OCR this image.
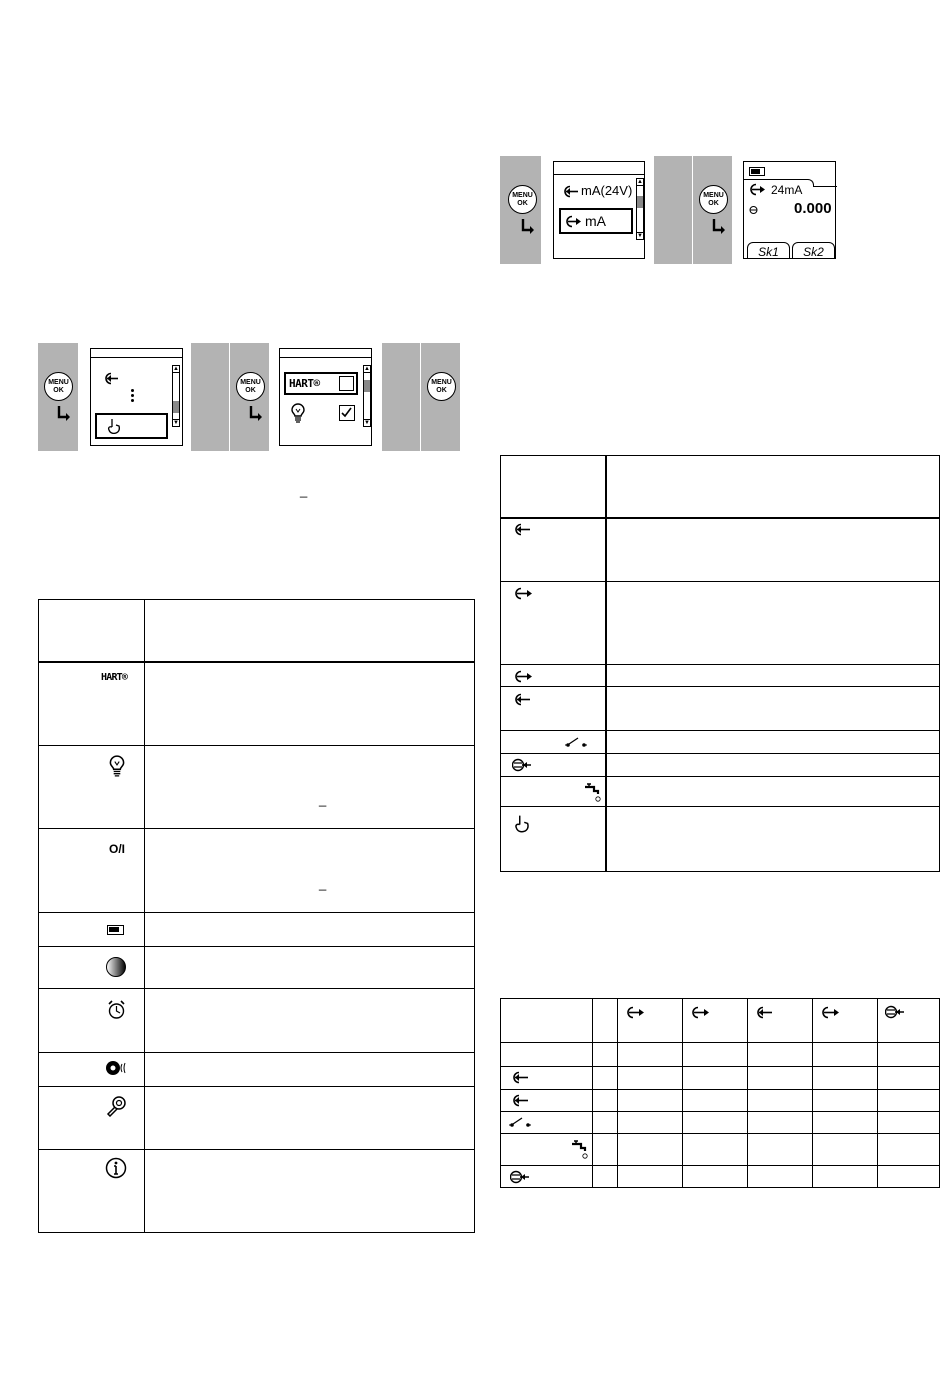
MENU
OK
▲
▼
MENU
OK
HART®
▲
▼
MENU
OK
_
MENU
OK
mA(24V)
mA
▲
▼
MENU
OK
24mA
0.000
Sk1	Sk2
HART®
_
O/I
_
